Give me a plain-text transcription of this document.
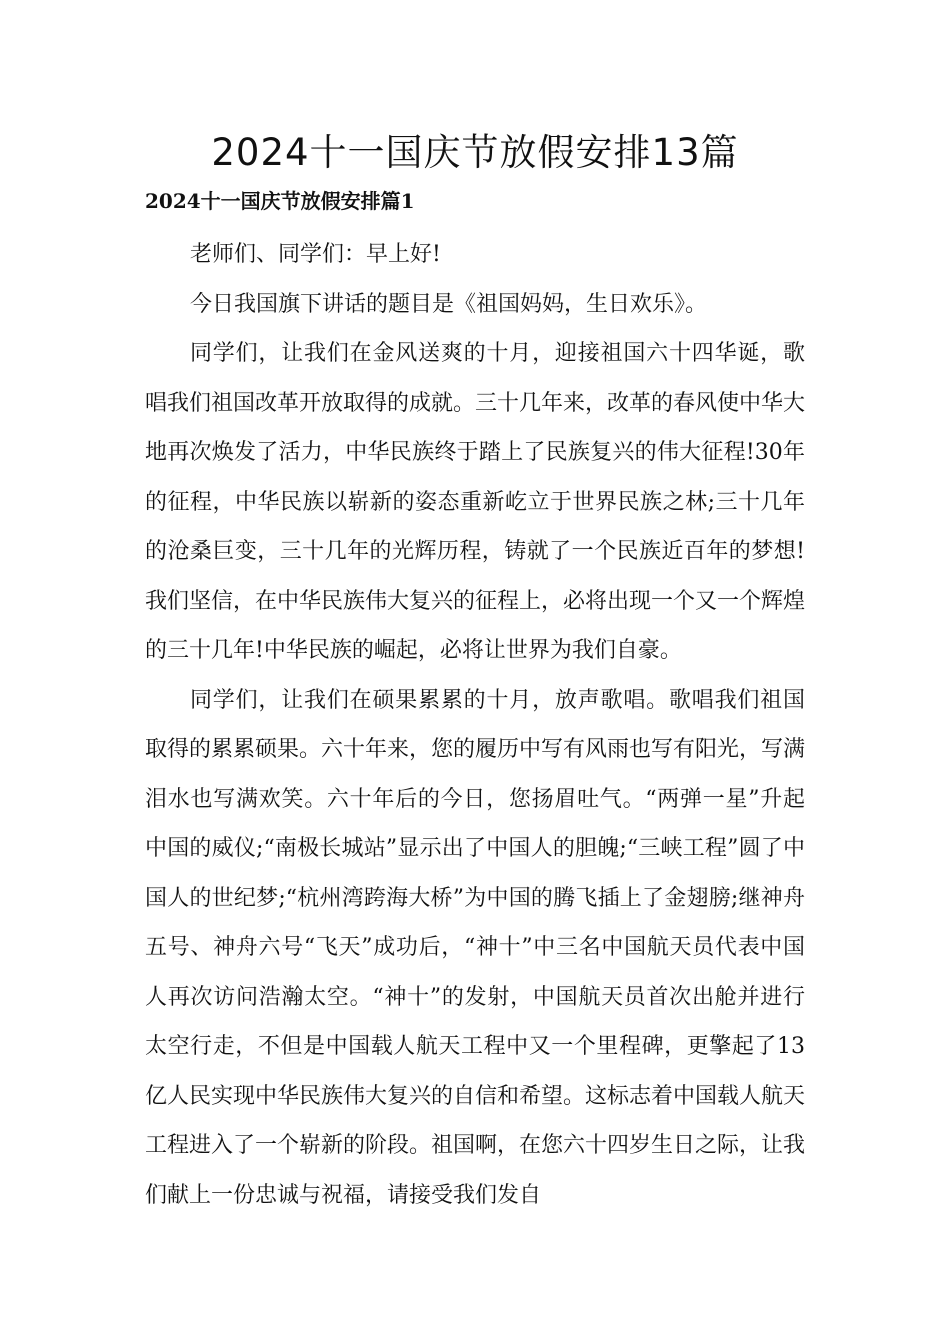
2024十一国庆节放假安排13篇
2024十一国庆节放假安排篇1

老师们、同学们：早上好!

今日我国旗下讲话的题目是《祖国妈妈，生日欢乐》。

同学们，让我们在金风送爽的十月，迎接祖国六十四华诞，歌唱我们祖国改革开放取得的成就。三十几年来，改革的春风使中华大地再次焕发了活力，中华民族终于踏上了民族复兴的伟大征程!30年的征程，中华民族以崭新的姿态重新屹立于世界民族之林;三十几年的沧桑巨变，三十几年的光辉历程，铸就了一个民族近百年的梦想!我们坚信，在中华民族伟大复兴的征程上，必将出现一个又一个辉煌的三十几年!中华民族的崛起，必将让世界为我们自豪。

同学们，让我们在硕果累累的十月，放声歌唱。歌唱我们祖国取得的累累硕果。六十年来，您的履历中写有风雨也写有阳光，写满泪水也写满欢笑。六十年后的今日，您扬眉吐气。“两弹一星”升起中国的威仪;“南极长城站”显示出了中国人的胆魄;“三峡工程”圆了中国人的世纪梦;“杭州湾跨海大桥”为中国的腾飞插上了金翅膀;继神舟五号、神舟六号“飞天”成功后，“神十”中三名中国航天员代表中国人再次访问浩瀚太空。“神十”的发射，中国航天员首次出舱并进行太空行走，不但是中国载人航天工程中又一个里程碑，更擎起了13亿人民实现中华民族伟大复兴的自信和希望。这标志着中国载人航天工程进入了一个崭新的阶段。祖国啊，在您六十四岁生日之际，让我们献上一份忠诚与祝福，请接受我们发自
